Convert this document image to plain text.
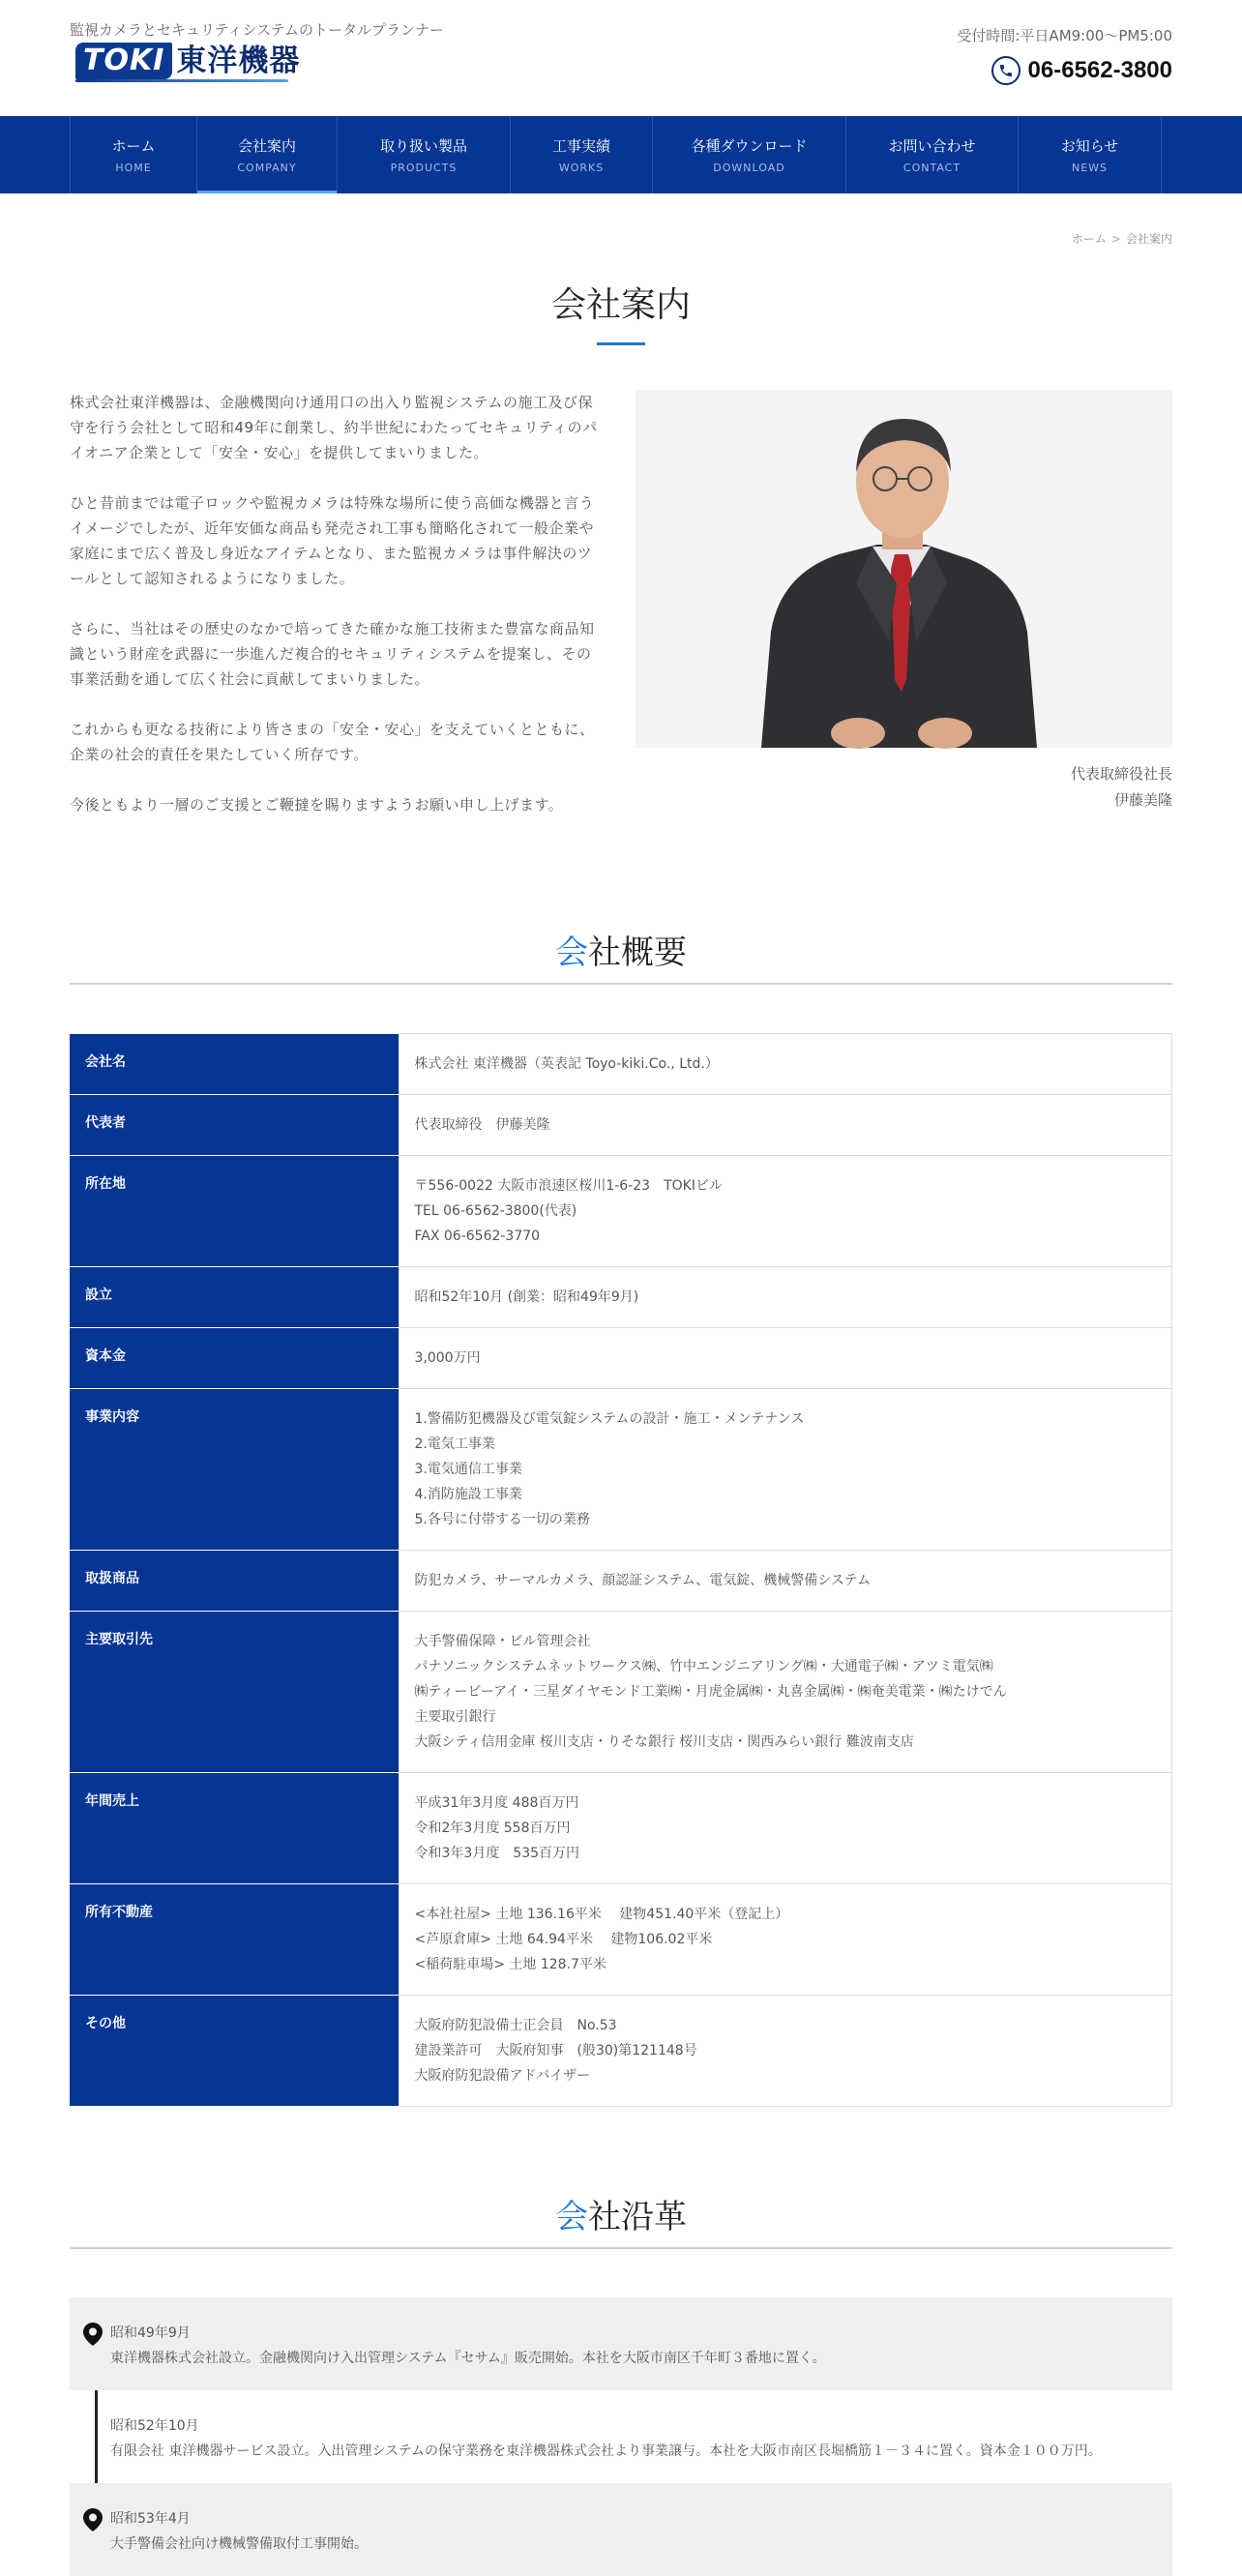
監視カメラとセキュリティシステムのトータルプランナー
TOKI 東洋機器
受付時間:平日AM9:00～PM5:00
06-6562-3800
ホーム
HOME
会社案内
COMPANY
取り扱い製品
PRODUCTS
工事実績
WORKS
各種ダウンロード
DOWNLOAD
お問い合わせ
CONTACT
お知らせ
NEWS
ホーム > 会社案内
会社案内

株式会社東洋機器は、金融機関向け通用口の出入り監視システムの施工及び保守を行う会社として昭和49年に創業し、約半世紀にわたってセキュリティのパイオニア企業として「安全・安心」を提供してまいりました。

ひと昔前までは電子ロックや監視カメラは特殊な場所に使う高価な機器と言うイメージでしたが、近年安価な商品も発売され工事も簡略化されて一般企業や家庭にまで広く普及し身近なアイテムとなり、また監視カメラは事件解決のツールとして認知されるようになりました。

さらに、当社はその歴史のなかで培ってきた確かな施工技術また豊富な商品知識という財産を武器に一歩進んだ複合的セキュリティシステムを提案し、その事業活動を通して広く社会に貢献してまいりました。

これからも更なる技術により皆さまの「安全・安心」を支えていくとともに、企業の社会的責任を果たしていく所存です。

今後ともより一層のご支援とご鞭撻を賜りますようお願い申し上げます。

代表取締役社長
伊藤美隆
会社概要
会社名	株式会社 東洋機器（英表記 Toyo-kiki.Co., Ltd.）

代表者	代表取締役　伊藤美隆

所在地	〒556-0022 大阪市浪速区桜川1-6-23　TOKIビル
TEL 06-6562-3800(代表)
FAX 06-6562-3770

設立	昭和52年10月 (創業：昭和49年9月)

資本金	3,000万円

事業内容	1.警備防犯機器及び電気錠システムの設計・施工・メンテナンス
2.電気工事業
3.電気通信工事業
4.消防施設工事業
5.各号に付帯する一切の業務

取扱商品	防犯カメラ、サーマルカメラ、顔認証システム、電気錠、機械警備システム

主要取引先	大手警備保障・ビル管理会社
パナソニックシステムネットワークス㈱、竹中エンジニアリング㈱・大通電子㈱・アツミ電気㈱
㈱ティービーアイ・三星ダイヤモンド工業㈱・月虎金属㈱・丸喜金属㈱・㈱奄美電業・㈱たけでん
主要取引銀行
大阪シティ信用金庫 桜川支店・りそな銀行 桜川支店・関西みらい銀行 難波南支店

年間売上	平成31年3月度 488百万円
令和2年3月度 558百万円
令和3年3月度　535百万円

所有不動産	<本社社屋> 土地 136.16平米　 建物451.40平米（登記上）
<芦原倉庫> 土地 64.94平米　 建物106.02平米
<稲荷駐車場> 土地 128.7平米

その他	大阪府防犯設備士正会員　No.53
建設業許可　大阪府知事　(般30)第121148号
大阪府防犯設備アドバイザー
会社沿革
昭和49年9月
東洋機器株式会社設立。金融機関向け入出管理システム『セサム』販売開始。本社を大阪市南区千年町３番地に置く。
昭和52年10月
有限会社 東洋機器サービス設立。入出管理システムの保守業務を東洋機器株式会社より事業譲与。本社を大阪市南区長堀橋筋１－３４に置く。資本金１００万円。
昭和53年4月
大手警備会社向け機械警備取付工事開始。
